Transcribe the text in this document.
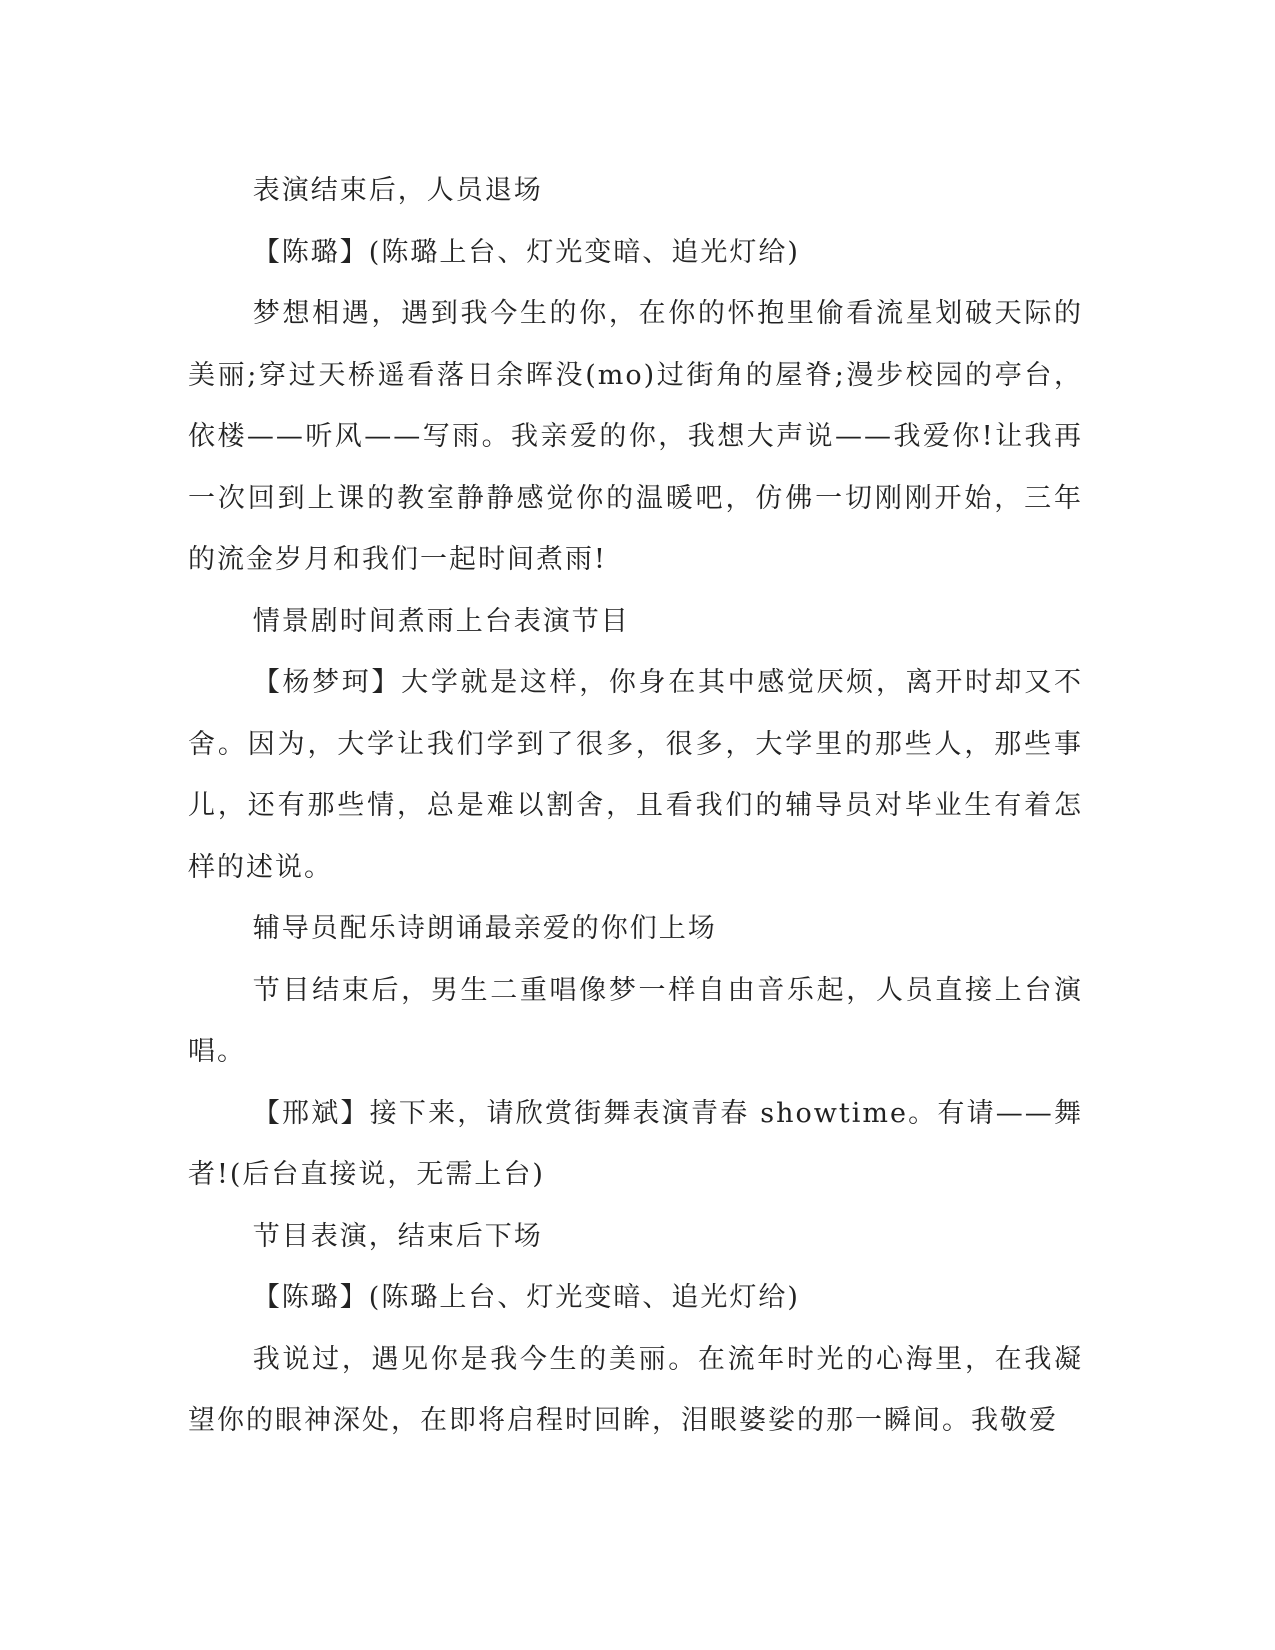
表演结束后，人员退场

【陈璐】(陈璐上台、灯光变暗、追光灯给)

梦想相遇，遇到我今生的你，在你的怀抱里偷看流星划破天际的美丽;穿过天桥遥看落日余晖没(mo)过街角的屋脊;漫步校园的亭台，依楼——听风——写雨。我亲爱的你，我想大声说——我爱你!让我再一次回到上课的教室静静感觉你的温暖吧，仿佛一切刚刚开始，三年的流金岁月和我们一起时间煮雨!

情景剧时间煮雨上台表演节目

【杨梦珂】大学就是这样，你身在其中感觉厌烦，离开时却又不舍。因为，大学让我们学到了很多，很多，大学里的那些人，那些事儿，还有那些情，总是难以割舍，且看我们的辅导员对毕业生有着怎样的述说。

辅导员配乐诗朗诵最亲爱的你们上场

节目结束后，男生二重唱像梦一样自由音乐起，人员直接上台演唱。

【邢斌】接下来，请欣赏街舞表演青春 showtime。有请——舞者!(后台直接说，无需上台)

节目表演，结束后下场

【陈璐】(陈璐上台、灯光变暗、追光灯给)

我说过，遇见你是我今生的美丽。在流年时光的心海里，在我凝望你的眼神深处，在即将启程时回眸，泪眼婆娑的那一瞬间。我敬爱
